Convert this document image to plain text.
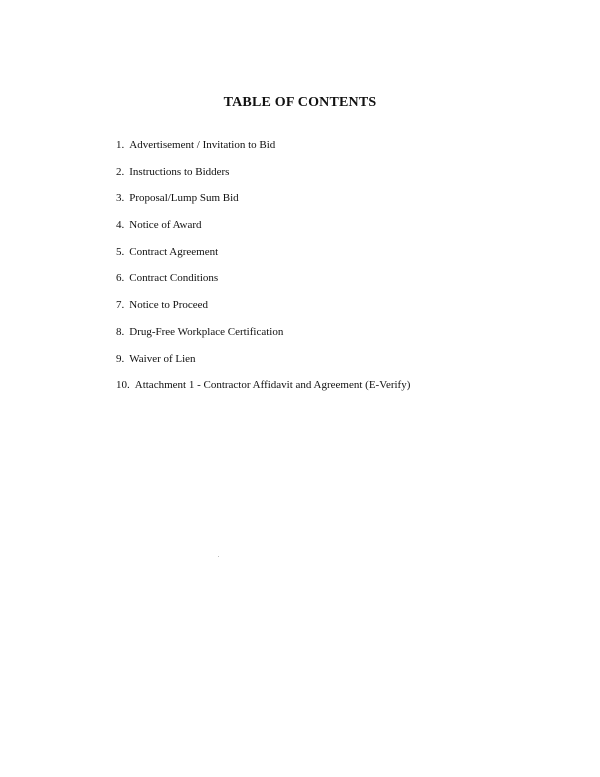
TABLE OF CONTENTS
1. Advertisement / Invitation to Bid
2. Instructions to Bidders
3. Proposal/Lump Sum Bid
4. Notice of Award
5. Contract Agreement
6. Contract Conditions
7. Notice to Proceed
8. Drug-Free Workplace Certification
9. Waiver of Lien
10. Attachment 1 - Contractor Affidavit and Agreement (E-Verify)
